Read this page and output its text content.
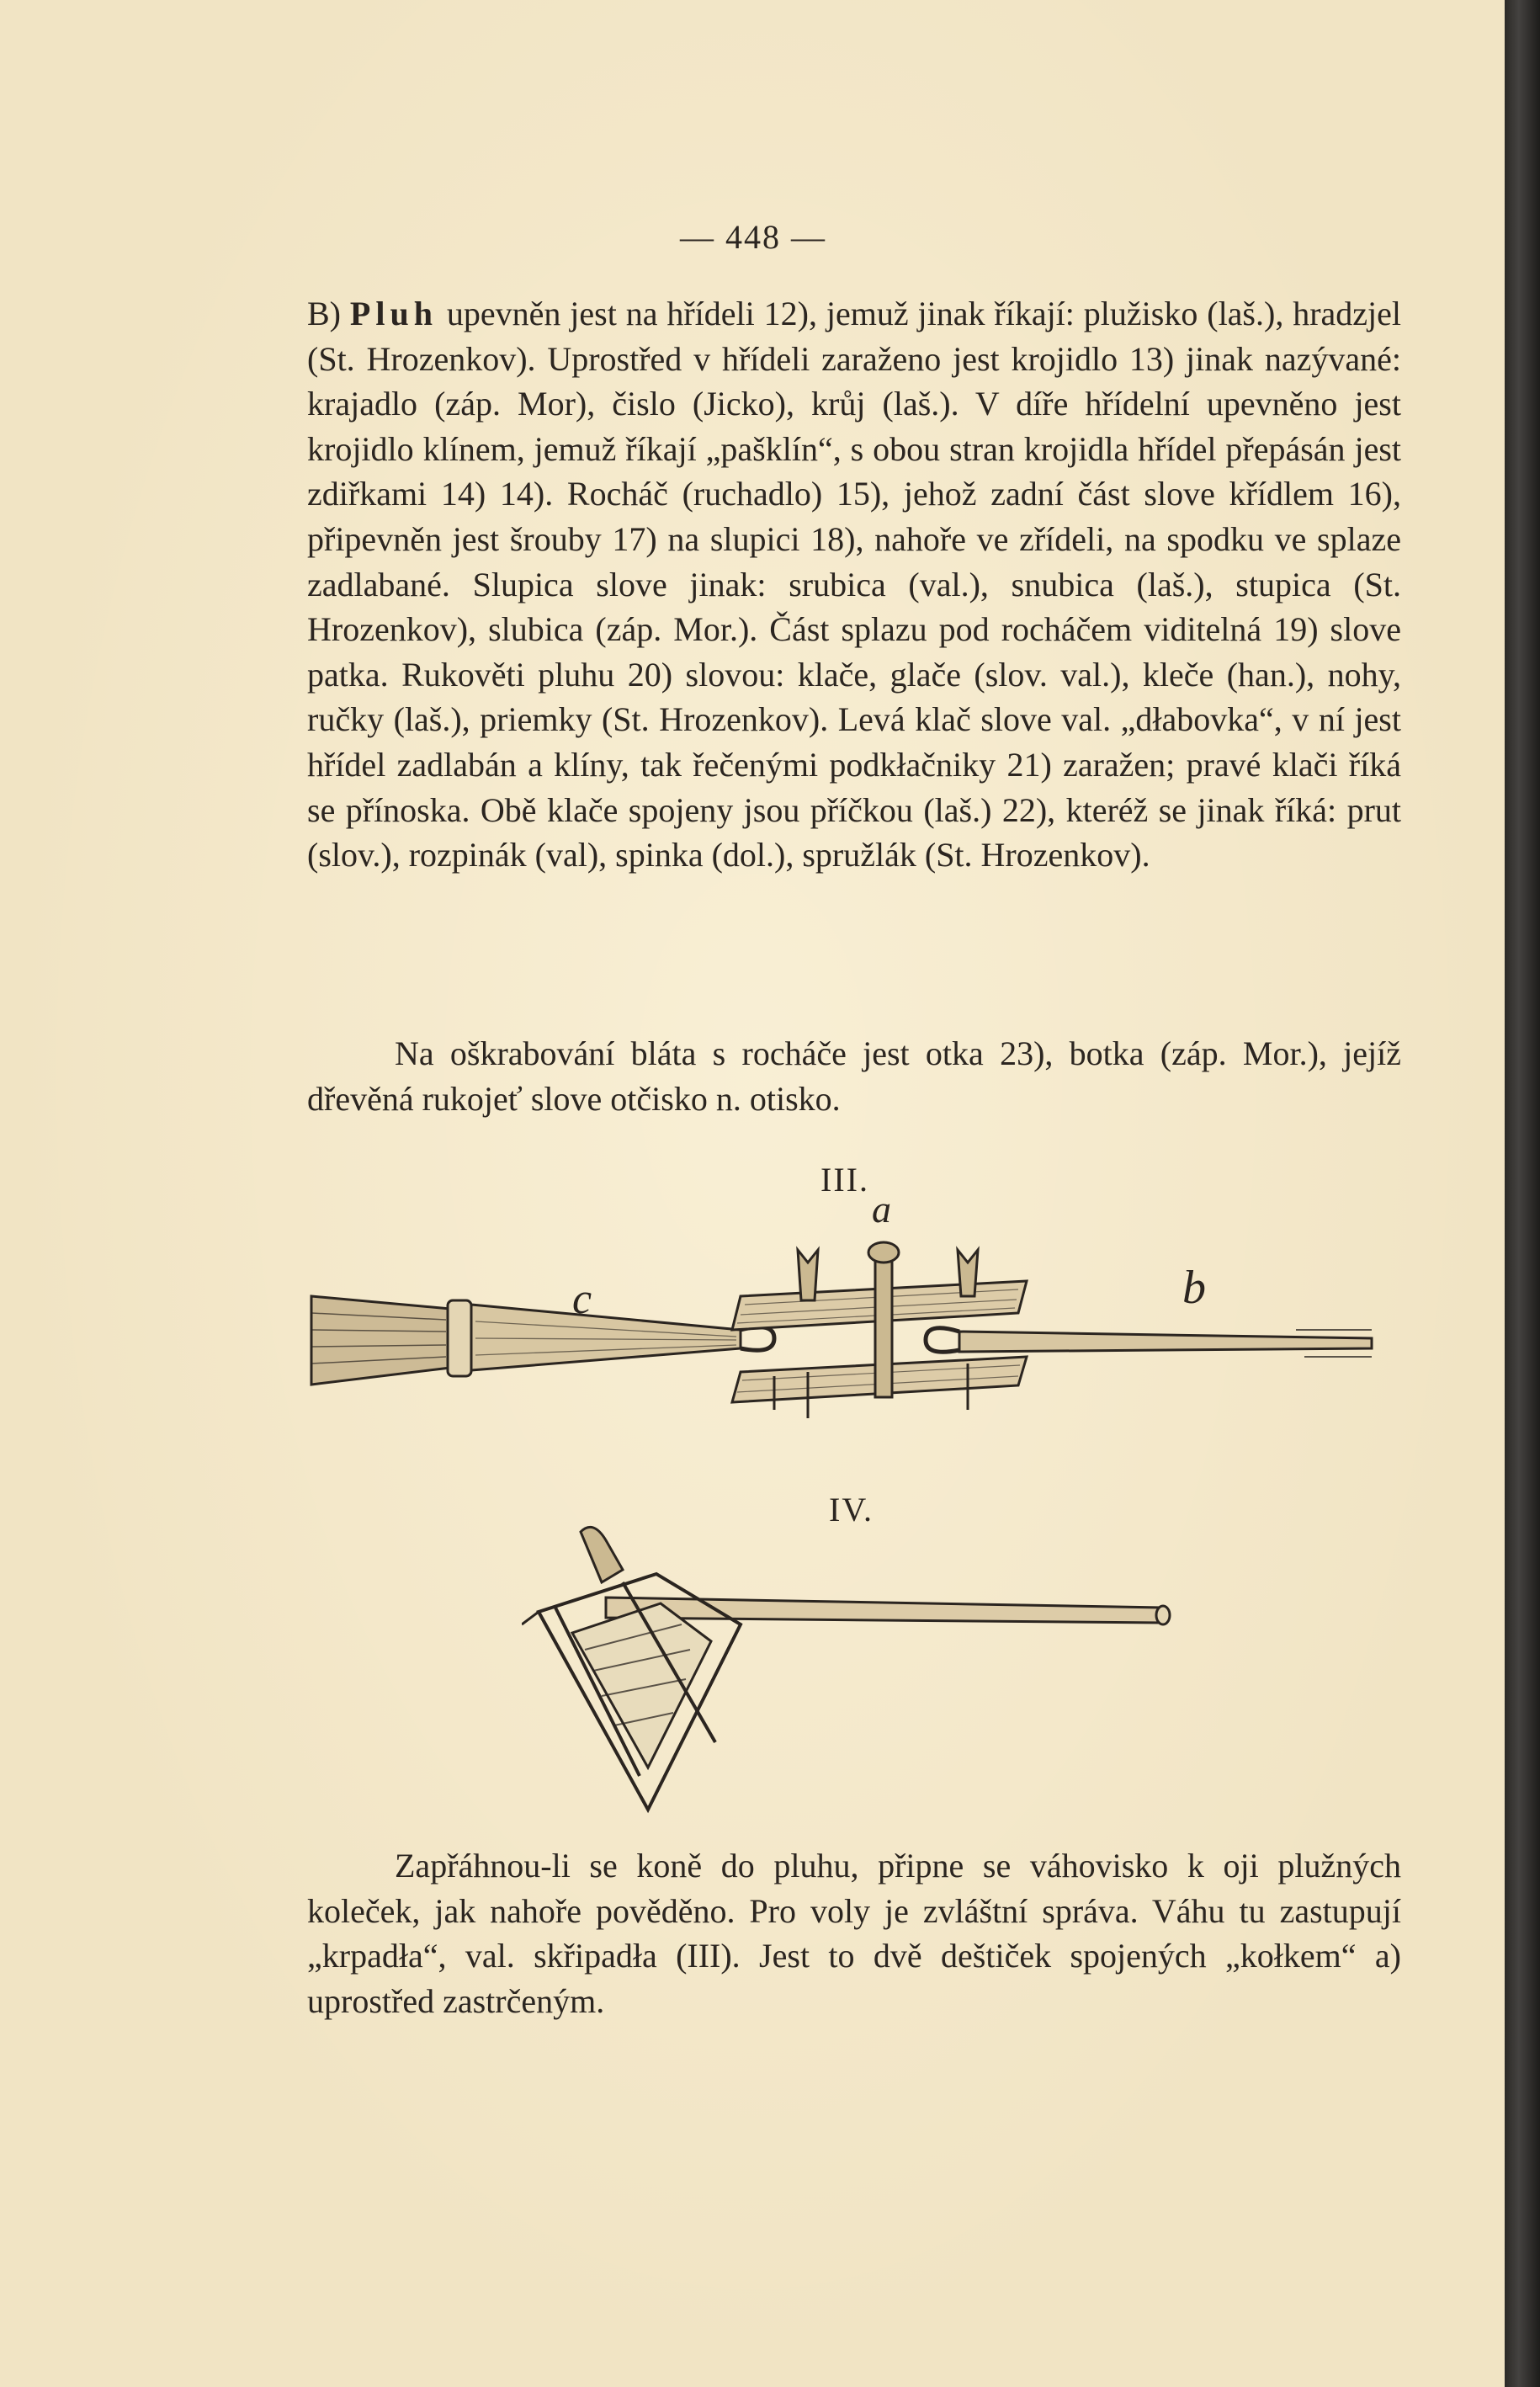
— 448 —

B) Pluh upevněn jest na hřídeli 12), jemuž jinak říkají: plužisko (laš.), hradzjel (St. Hrozenkov). Uprostřed v hřídeli zaraženo jest krojidlo 13) jinak nazývané: krajadlo (záp. Mor), čislo (Jicko), krůj (laš.). V díře hřídelní upevněno jest krojidlo klínem, jemuž říkají „pašklín“, s obou stran krojidla hřídel přepásán jest zdiřkami 14) 14). Rocháč (ruchadlo) 15), jehož zadní část slove křídlem 16), připevněn jest šrouby 17) na slupici 18), nahoře ve zřídeli, na spodku ve splaze zadlabané. Slupica slove jinak: srubica (val.), snubica (laš.), stupica (St. Hrozenkov), slubica (záp. Mor.). Část splazu pod rocháčem viditelná 19) slove patka. Rukověti pluhu 20) slovou: klače, glače (slov. val.), kleče (han.), nohy, ručky (laš.), priemky (St. Hrozenkov). Levá klač slove val. „dłabovka“, v ní jest hřídel zadlabán a klíny, tak řečenými podkłačniky 21) zaražen; pravé klači říká se přínoska. Obě klače spojeny jsou příčkou (laš.) 22), kteréž se jinak říká: prut (slov.), rozpinák (val), spinka (dol.), spružlák (St. Hrozenkov).

Na oškrabování bláta s rocháče jest otka 23), botka (záp. Mor.), jejíž dřevěná rukojeť slove otčisko n. otisko.

III.
a
b
c
IV.

Zapřáhnou-li se koně do pluhu, připne se váhovisko k oji plužných koleček, jak nahoře pověděno. Pro voly je zvláštní správa. Váhu tu zastupují „krpadła“, val. skřipadła (III). Jest to dvě deštiček spojených „kołkem“ a) uprostřed zastrčeným.
